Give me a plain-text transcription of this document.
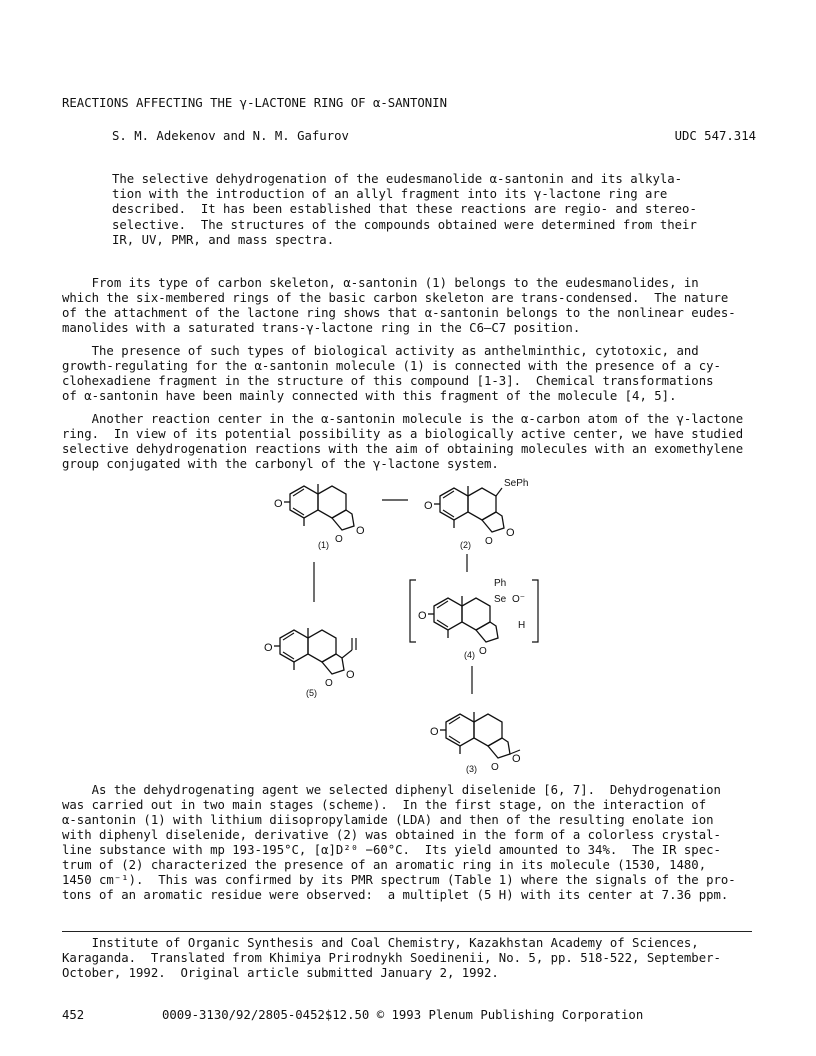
REACTIONS AFFECTING THE γ-LACTONE RING OF α-SANTONIN
S. M. Adekenov and N. M. Gafurov	UDC 547.314
The selective dehydrogenation of the eudesmanolide α-santonin and its alkyla-
tion with the introduction of an allyl fragment into its γ-lactone ring are
described.  It has been established that these reactions are regio- and stereo-
selective.  The structures of the compounds obtained were determined from their
IR, UV, PMR, and mass spectra.
From its type of carbon skeleton, α-santonin (1) belongs to the eudesmanolides, in
which the six-membered rings of the basic carbon skeleton are trans-condensed.  The nature
of the attachment of the lactone ring shows that α-santonin belongs to the nonlinear eudes-
manolides with a saturated trans-γ-lactone ring in the C6—C7 position.
The presence of such types of biological activity as anthelminthic, cytotoxic, and
growth-regulating for the α-santonin molecule (1) is connected with the presence of a cy-
clohexadiene fragment in the structure of this compound [1-3].  Chemical transformations
of α-santonin have been mainly connected with this fragment of the molecule [4, 5].
Another reaction center in the α-santonin molecule is the α-carbon atom of the γ-lactone
ring.  In view of its potential possibility as a biologically active center, we have studied
selective dehydrogenation reactions with the aim of obtaining molecules with an exomethylene
group conjugated with the carbonyl of the γ-lactone system.
O
O
O
(1)
SePh
O
O
O
(2)
Ph
Se O⁻
H
O
O
(4)
O
O
O
(5)
O
O
O
(3)
As the dehydrogenating agent we selected diphenyl diselenide [6, 7].  Dehydrogenation
was carried out in two main stages (scheme).  In the first stage, on the interaction of
α-santonin (1) with lithium diisopropylamide (LDA) and then of the resulting enolate ion
with diphenyl diselenide, derivative (2) was obtained in the form of a colorless crystal-
line substance with mp 193-195°C, [α]D²⁰ −60°C.  Its yield amounted to 34%.  The IR spec-
trum of (2) characterized the presence of an aromatic ring in its molecule (1530, 1480,
1450 cm⁻¹).  This was confirmed by its PMR spectrum (Table 1) where the signals of the pro-
tons of an aromatic residue were observed:  a multiplet (5 H) with its center at 7.36 ppm.
Institute of Organic Synthesis and Coal Chemistry, Kazakhstan Academy of Sciences,
Karaganda.  Translated from Khimiya Prirodnykh Soedinenii, No. 5, pp. 518-522, September-
October, 1992.  Original article submitted January 2, 1992.
452	0009-3130/92/2805-0452$12.50 © 1993 Plenum Publishing Corporation
